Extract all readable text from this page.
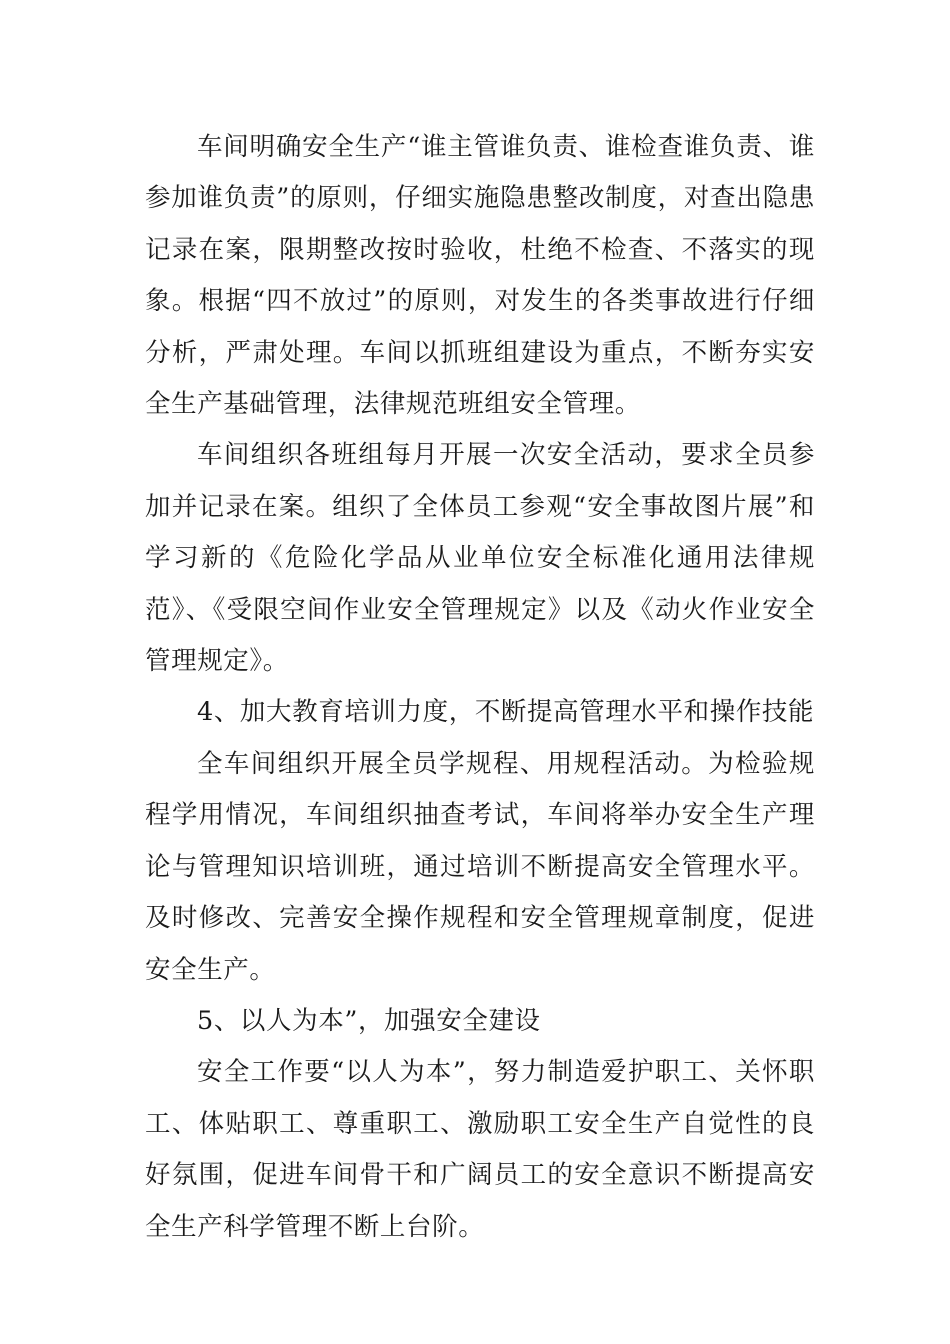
车间明确安全生产“谁主管谁负责、谁检查谁负责、谁参加谁负责”的原则，仔细实施隐患整改制度，对查出隐患记录在案，限期整改按时验收，杜绝不检查、不落实的现象。根据“四不放过”的原则，对发生的各类事故进行仔细分析，严肃处理。车间以抓班组建设为重点，不断夯实安全生产基础管理，法律规范班组安全管理。

车间组织各班组每月开展一次安全活动，要求全员参加并记录在案。组织了全体员工参观“安全事故图片展”和学习新的《危险化学品从业单位安全标准化通用法律规范》、《受限空间作业安全管理规定》以及《动火作业安全管理规定》。

4、加大教育培训力度，不断提高管理水平和操作技能

全车间组织开展全员学规程、用规程活动。为检验规程学用情况，车间组织抽查考试，车间将举办安全生产理论与管理知识培训班，通过培训不断提高安全管理水平。及时修改、完善安全操作规程和安全管理规章制度，促进安全生产。

5、以人为本”，加强安全建设

安全工作要“以人为本”，努力制造爱护职工、关怀职工、体贴职工、尊重职工、激励职工安全生产自觉性的良好氛围，促进车间骨干和广阔员工的安全意识不断提高安全生产科学管理不断上台阶。
